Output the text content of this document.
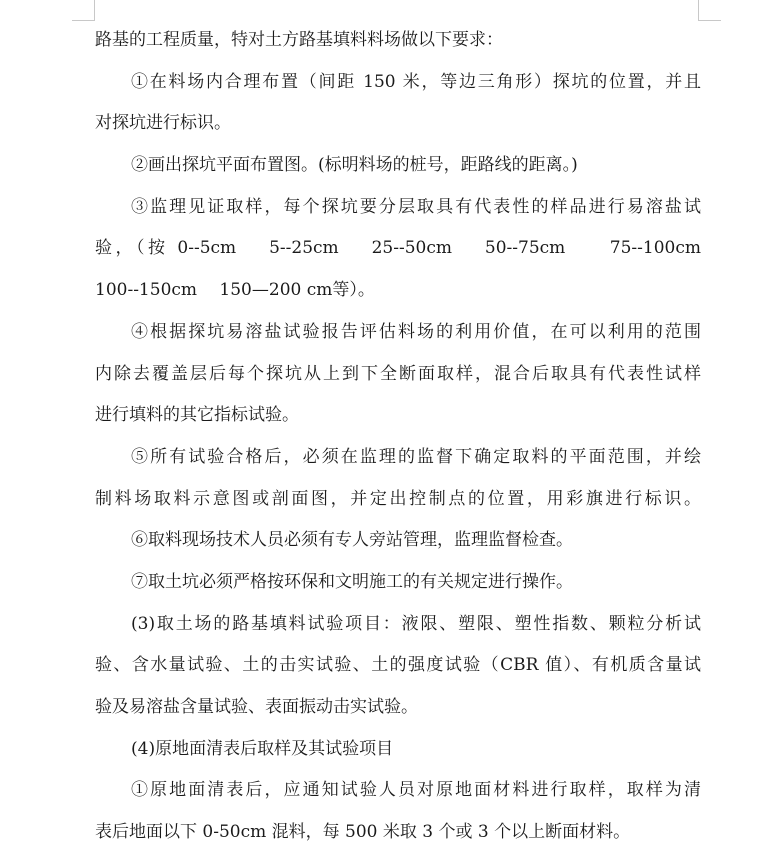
路基的工程质量，特对土方路基填料料场做以下要求：
①在料场内合理布置（间距 150 米，等边三角形）探坑的位置，并且
对探坑进行标识。
②画出探坑平面布置图。(标明料场的桩号，距路线的距离。)
③监理见证取样，每个探坑要分层取具有代表性的样品进行易溶盐试
验，（按 0--5cm　 5--25cm　 25--50cm　 50--75cm　　75--100cm
100--150cm　 150—200 cm等）。
④根据探坑易溶盐试验报告评估料场的利用价值，在可以利用的范围
内除去覆盖层后每个探坑从上到下全断面取样，混合后取具有代表性试样
进行填料的其它指标试验。
⑤所有试验合格后，必须在监理的监督下确定取料的平面范围，并绘
制料场取料示意图或剖面图，并定出控制点的位置，用彩旗进行标识。
⑥取料现场技术人员必须有专人旁站管理，监理监督检查。
⑦取土坑必须严格按环保和文明施工的有关规定进行操作。
(3)取土场的路基填料试验项目：液限、塑限、塑性指数、颗粒分析试
验、含水量试验、土的击实试验、土的强度试验（CBR 值）、有机质含量试
验及易溶盐含量试验、表面振动击实试验。
(4)原地面清表后取样及其试验项目
①原地面清表后，应通知试验人员对原地面材料进行取样，取样为清
表后地面以下 0-50cm 混料，每 500 米取 3 个或 3 个以上断面材料。
